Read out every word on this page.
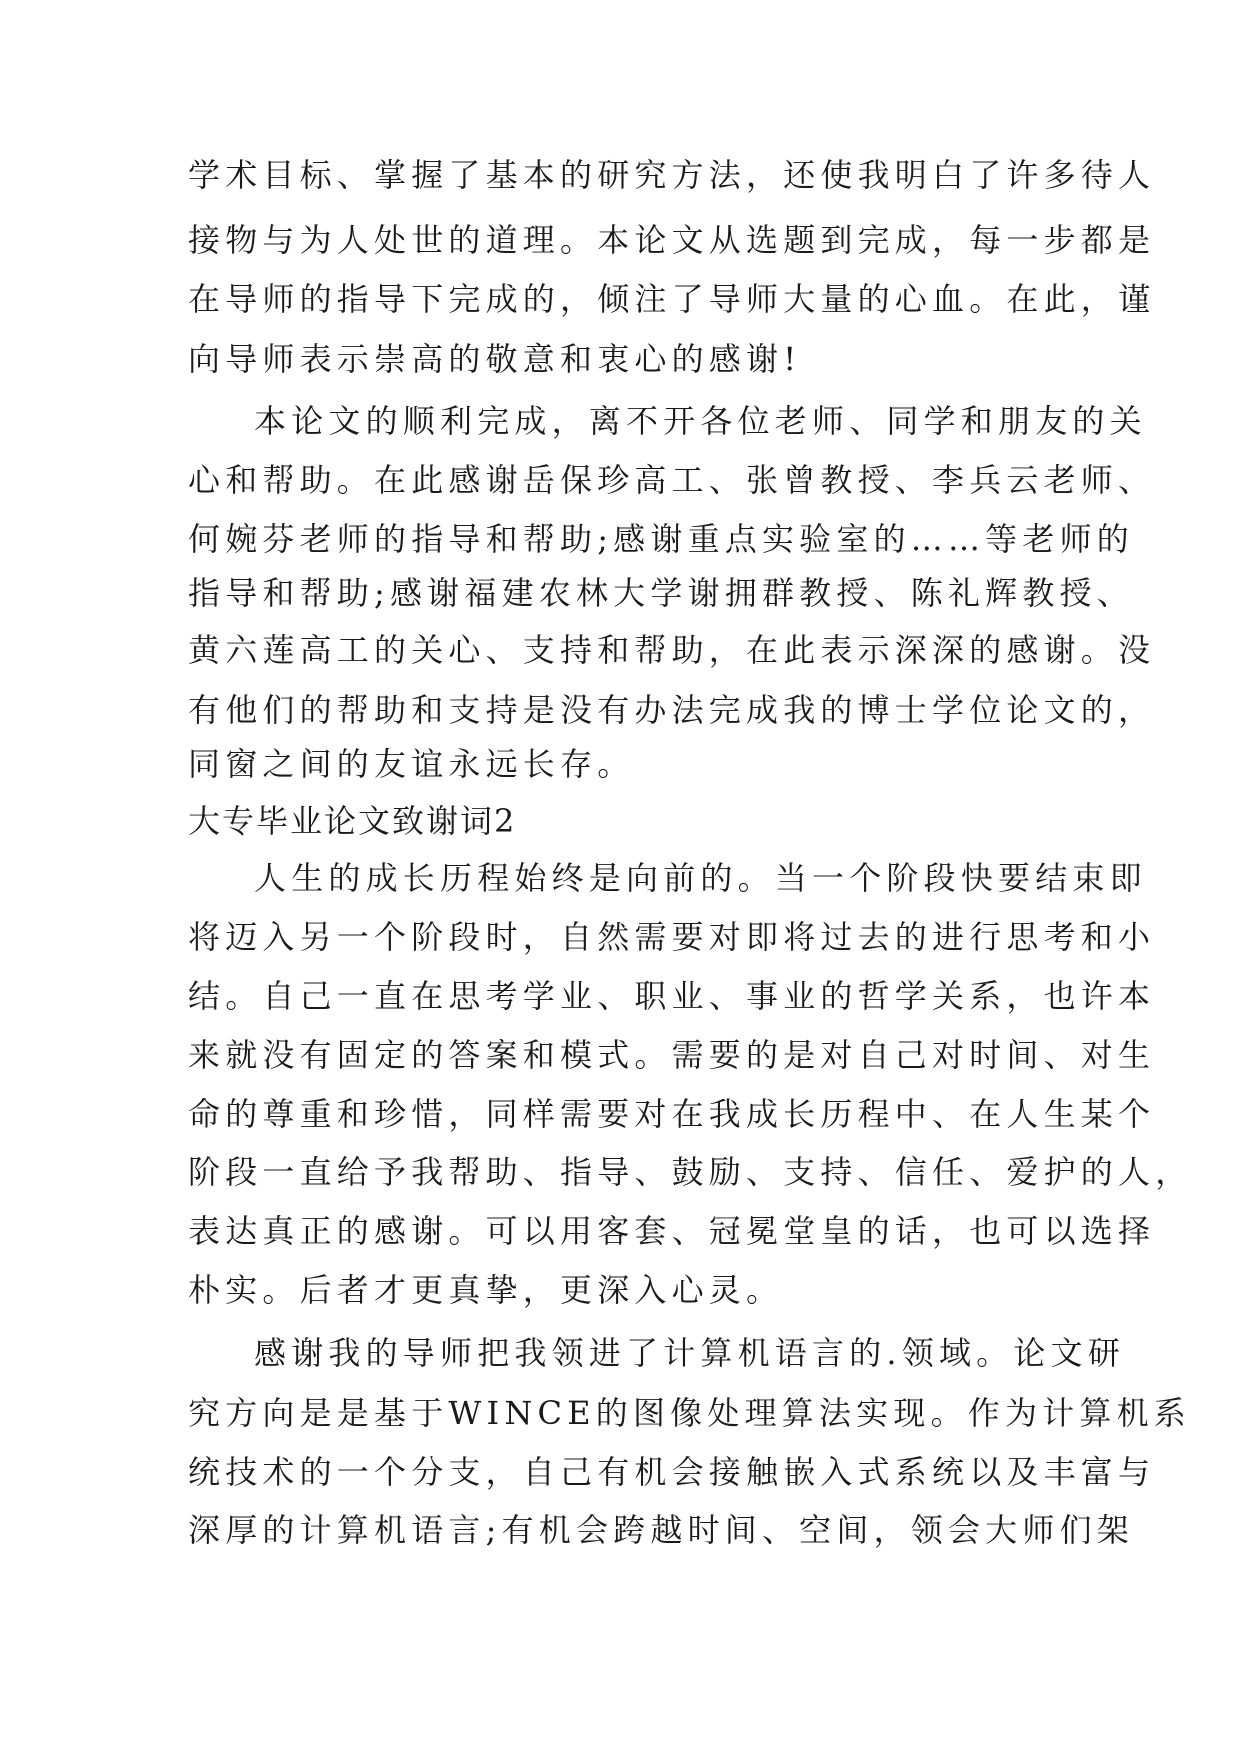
学术目标、掌握了基本的研究方法，还使我明白了许多待人
接物与为人处世的道理。本论文从选题到完成，每一步都是
在导师的指导下完成的，倾注了导师大量的心血。在此，谨
向导师表示崇高的敬意和衷心的感谢!
本论文的顺利完成，离不开各位老师、同学和朋友的关
心和帮助。在此感谢岳保珍高工、张曾教授、李兵云老师、
何婉芬老师的指导和帮助;感谢重点实验室的……等老师的
指导和帮助;感谢福建农林大学谢拥群教授、陈礼辉教授、
黄六莲高工的关心、支持和帮助，在此表示深深的感谢。没
有他们的帮助和支持是没有办法完成我的博士学位论文的，
同窗之间的友谊永远长存。
大专毕业论文致谢词2
人生的成长历程始终是向前的。当一个阶段快要结束即
将迈入另一个阶段时，自然需要对即将过去的进行思考和小
结。自己一直在思考学业、职业、事业的哲学关系，也许本
来就没有固定的答案和模式。需要的是对自己对时间、对生
命的尊重和珍惜，同样需要对在我成长历程中、在人生某个
阶段一直给予我帮助、指导、鼓励、支持、信任、爱护的人，
表达真正的感谢。可以用客套、冠冕堂皇的话，也可以选择
朴实。后者才更真挚，更深入心灵。
感谢我的导师把我领进了计算机语言的.领域。论文研
究方向是是基于WINCE的图像处理算法实现。作为计算机系
统技术的一个分支，自己有机会接触嵌入式系统以及丰富与
深厚的计算机语言;有机会跨越时间、空间，领会大师们架
